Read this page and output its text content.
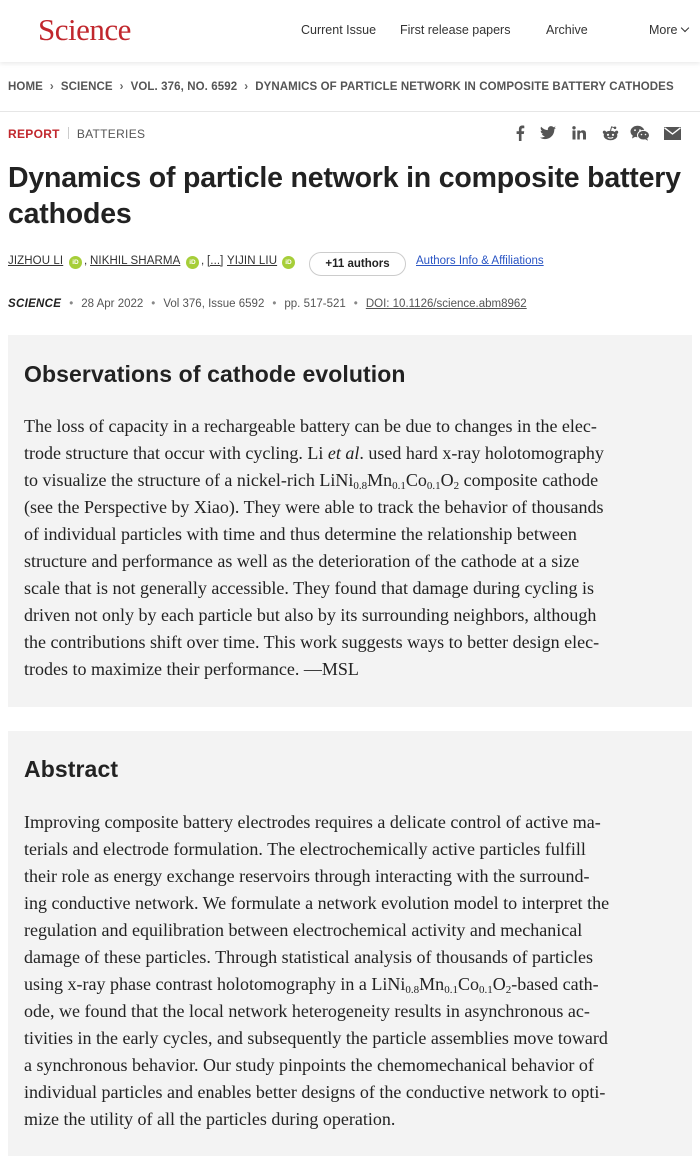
Science	Current Issue First release papers	Archive	More
HOME › SCIENCE › VOL. 376, NO. 6592 › DYNAMICS OF PARTICLE NETWORK IN COMPOSITE BATTERY CATHODES
REPORT BATTERIES
Dynamics of particle network in composite battery
cathodes
JIZHOU LI	iD , NIKHIL SHARMA	iD , [...] YIJIN LIU	iD	+11 authors	Authors Info & Affiliations
SCIENCE • 28 Apr 2022 • Vol 376, Issue 6592 • pp. 517-521 • DOI: 10.1126/science.abm8962
Observations of cathode evolution
The loss of capacity in a rechargeable battery can be due to changes in the elec-
trode structure that occur with cycling. Li et al. used hard x-ray holotomography
to visualize the structure of a nickel-rich $LiNi_{0.8}Mn_{0.1}Co_{0.1}O_2$ composite cathode
(see the Perspective by Xiao). They were able to track the behavior of thousands
of individual particles with time and thus determine the relationship between
structure and performance as well as the deterioration of the cathode at a size
scale that is not generally accessible. They found that damage during cycling is
driven not only by each particle but also by its surrounding neighbors, although
the contributions shift over time. This work suggests ways to better design elec-
trodes to maximize their performance. —MSL
Abstract
Improving composite battery electrodes requires a delicate control of active ma-
terials and electrode formulation. The electrochemically active particles fulfill
their role as energy exchange reservoirs through interacting with the surround-
ing conductive network. We formulate a network evolution model to interpret the
regulation and equilibration between electrochemical activity and mechanical
damage of these particles. Through statistical analysis of thousands of particles
using x-ray phase contrast holotomography in a $LiNi_{0.8}Mn_{0.1}Co_{0.1}O_2$-based cath-
ode, we found that the local network heterogeneity results in asynchronous ac-
tivities in the early cycles, and subsequently the particle assemblies move toward
a synchronous behavior. Our study pinpoints the chemomechanical behavior of
individual particles and enables better designs of the conductive network to opti-
mize the utility of all the particles during operation.
